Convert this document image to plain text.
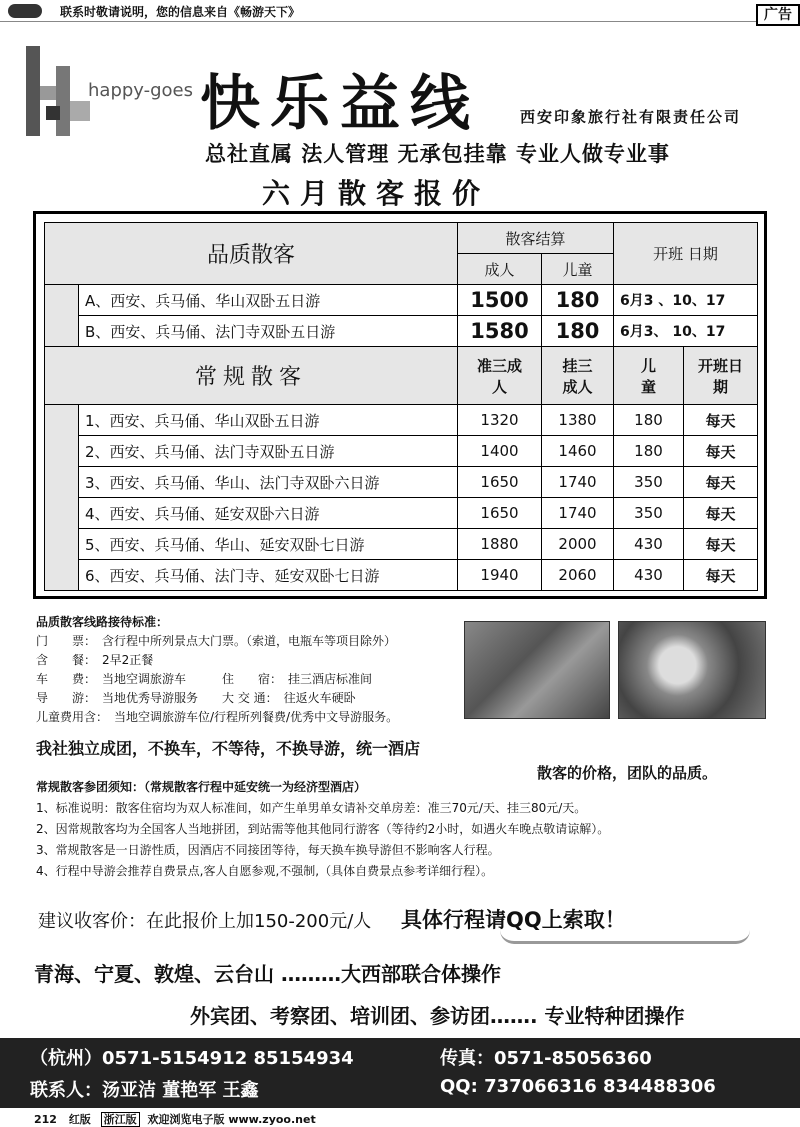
联系时敬请说明，您的信息来自《畅游天下》	广告
happy-goes 快乐益线	西安印象旅行社有限责任公司
总社直属 法人管理 无承包挂靠 专业人做专业事
六月散客报价
品质散客		散客结算		开班 日期	
		成人	儿童		
	A、西安、兵马俑、华山双卧五日游	1500	180	6月3 、10、17	
	B、西安、兵马俑、法门寺双卧五日游	1580	180	6月3、 10、17	
常规散客		准三成人	挂三成人	儿童	开班日期
	1、西安、兵马俑、华山双卧五日游	1320	1380	180	每天
	2、西安、兵马俑、法门寺双卧五日游	1400	1460	180	每天
	3、西安、兵马俑、华山、法门寺双卧六日游	1650	1740	350	每天
	4、西安、兵马俑、延安双卧六日游	1650	1740	350	每天
	5、西安、兵马俑、华山、延安双卧七日游	1880	2000	430	每天
	6、西安、兵马俑、法门寺、延安双卧七日游	1940	2060	430	每天
品质散客线路接待标准：
门　　票：　含行程中所列景点大门票。（索道，电瓶车等项目除外）
含　　餐：　2早2正餐
车　　费：　当地空调旅游车　　　住　　宿：　挂三酒店标准间
导　　游：　当地优秀导游服务　　大 交 通：　往返火车硬卧
儿童费用含：　当地空调旅游车位/行程所列餐费/优秀中文导游服务。
我社独立成团，不换车，不等待，不换导游，统一酒店
散客的价格，团队的品质。
常规散客参团须知：（常规散客行程中延安统一为经济型酒店）
1、标准说明：散客住宿均为双人标准间，如产生单男单女请补交单房差：准三70元/天、挂三80元/天。
2、因常规散客均为全国客人当地拼团，到站需等他其他同行游客（等待约2小时，如遇火车晚点敬请谅解）。
3、常规散客是一日游性质，因酒店不同接团等待，每天换车换导游但不影响客人行程。
4、行程中导游会推荐自费景点,客人自愿参观,不强制,（具体自费景点参考详细行程）。
建议收客价：在此报价上加150-200元/人 具体行程请QQ上索取！
青海、宁夏、敦煌、云台山 ………大西部联合体操作
外宾团、考察团、培训团、参访团……. 专业特种团操作
（杭州）0571-5154912 85154934	传真：0571-85056360
联系人：汤亚洁 董艳军 王鑫	QQ: 737066316 834488306
212 红版 浙江版 欢迎浏览电子版 www.zyoo.net
